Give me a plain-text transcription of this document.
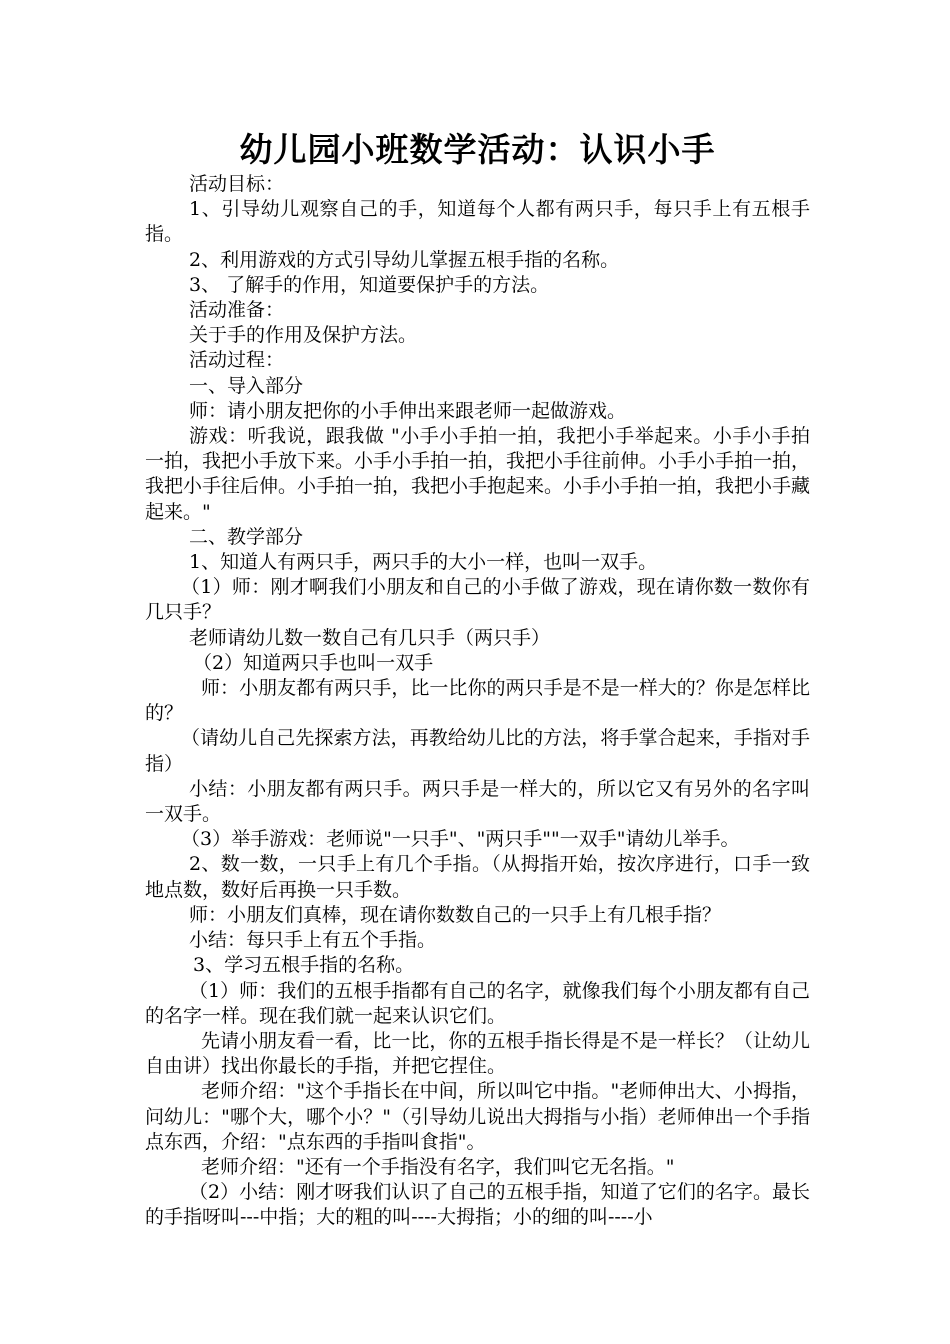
幼儿园小班数学活动：认识小手

活动目标：

1、引导幼儿观察自己的手，知道每个人都有两只手，每只手上有五根手指。

2、利用游戏的方式引导幼儿掌握五根手指的名称。

3、 了解手的作用，知道要保护手的方法。

活动准备：

关于手的作用及保护方法。

活动过程：

一、导入部分

师：请小朋友把你的小手伸出来跟老师一起做游戏。

游戏：听我说，跟我做 "小手小手拍一拍，我把小手举起来。小手小手拍一拍，我把小手放下来。小手小手拍一拍，我把小手往前伸。小手小手拍一拍，我把小手往后伸。小手拍一拍，我把小手抱起来。小手小手拍一拍，我把小手藏起来。"

二、教学部分

1、知道人有两只手，两只手的大小一样，也叫一双手。

（1）师：刚才啊我们小朋友和自己的小手做了游戏，现在请你数一数你有几只手？

老师请幼儿数一数自己有几只手（两只手）

（2）知道两只手也叫一双手

师：小朋友都有两只手，比一比你的两只手是不是一样大的？你是怎样比的？

（请幼儿自己先探索方法，再教给幼儿比的方法，将手掌合起来，手指对手指）

小结：小朋友都有两只手。两只手是一样大的，所以它又有另外的名字叫一双手。

（3）举手游戏：老师说"一只手"、"两只手""一双手"请幼儿举手。

2、数一数，一只手上有几个手指。（从拇指开始，按次序进行，口手一致地点数，数好后再换一只手数。

师：小朋友们真棒，现在请你数数自己的一只手上有几根手指？

小结：每只手上有五个手指。

3、学习五根手指的名称。

（1）师：我们的五根手指都有自己的名字，就像我们每个小朋友都有自己的名字一样。现在我们就一起来认识它们。

先请小朋友看一看，比一比，你的五根手指长得是不是一样长？（让幼儿自由讲）找出你最长的手指，并把它捏住。

老师介绍："这个手指长在中间，所以叫它中指。"老师伸出大、小拇指，问幼儿："哪个大，哪个小？"（引导幼儿说出大拇指与小指）老师伸出一个手指点东西，介绍："点东西的手指叫食指"。

老师介绍："还有一个手指没有名字，我们叫它无名指。"

（2）小结：刚才呀我们认识了自己的五根手指，知道了它们的名字。最长的手指呀叫---中指；大的粗的叫----大拇指；小的细的叫----小
